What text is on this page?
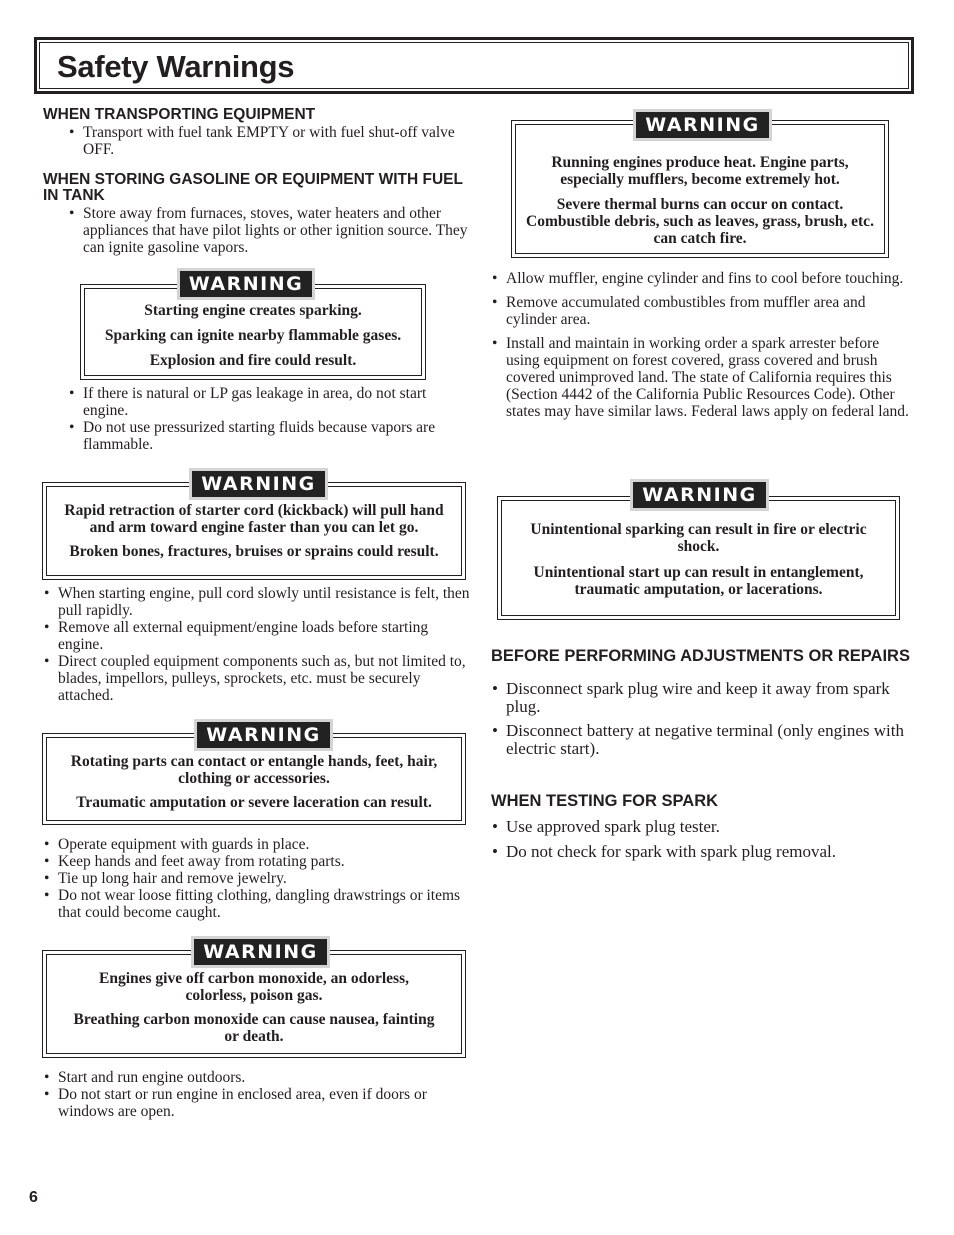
Safety Warnings
WHEN TRANSPORTING EQUIPMENT
• Transport with fuel tank EMPTY or with fuel shut-off valve OFF.
WHEN STORING GASOLINE OR EQUIPMENT WITH FUEL IN TANK
• Store away from furnaces, stoves, water heaters and other appliances that have pilot lights or other ignition source. They can ignite gasoline vapors.

Starting engine creates sparking.

Sparking can ignite nearby flammable gases.

Explosion and fire could result.

WARNING
• If there is natural or LP gas leakage in area, do not start engine.
• Do not use pressurized starting fluids because vapors are flammable.

Rapid retraction of starter cord (kickback) will pull hand and arm toward engine faster than you can let go.

Broken bones, fractures, bruises or sprains could result.

WARNING
• When starting engine, pull cord slowly until resistance is felt, then pull rapidly.
• Remove all external equipment/engine loads before starting engine.
• Direct coupled equipment components such as, but not limited to, blades, impellors, pulleys, sprockets, etc. must be securely attached.

Rotating parts can contact or entangle hands, feet, hair, clothing or accessories.

Traumatic amputation or severe laceration can result.

WARNING
• Operate equipment with guards in place.
• Keep hands and feet away from rotating parts.
• Tie up long hair and remove jewelry.
• Do not wear loose fitting clothing, dangling drawstrings or items that could become caught.

Engines give off carbon monoxide, an odorless, colorless, poison gas.

Breathing carbon monoxide can cause nausea, fainting or death.

WARNING
• Start and run engine outdoors.
• Do not start or run engine in enclosed area, even if doors or windows are open.

Running engines produce heat. Engine parts, especially mufflers, become extremely hot.

Severe thermal burns can occur on contact. Combustible debris, such as leaves, grass, brush, etc. can catch fire.

WARNING
• Allow muffler, engine cylinder and fins to cool before touching.
• Remove accumulated combustibles from muffler area and cylinder area.
• Install and maintain in working order a spark arrester before using equipment on forest covered, grass covered and brush covered unimproved land. The state of California requires this (Section 4442 of the California Public Resources Code). Other states may have similar laws. Federal laws apply on federal land.

Unintentional sparking can result in fire or electric shock.

Unintentional start up can result in entanglement, traumatic amputation, or lacerations.

WARNING
BEFORE PERFORMING ADJUSTMENTS OR REPAIRS
• Disconnect spark plug wire and keep it away from spark plug.
• Disconnect battery at negative terminal (only engines with electric start).
WHEN TESTING FOR SPARK
• Use approved spark plug tester.
• Do not check for spark with spark plug removal.
6
